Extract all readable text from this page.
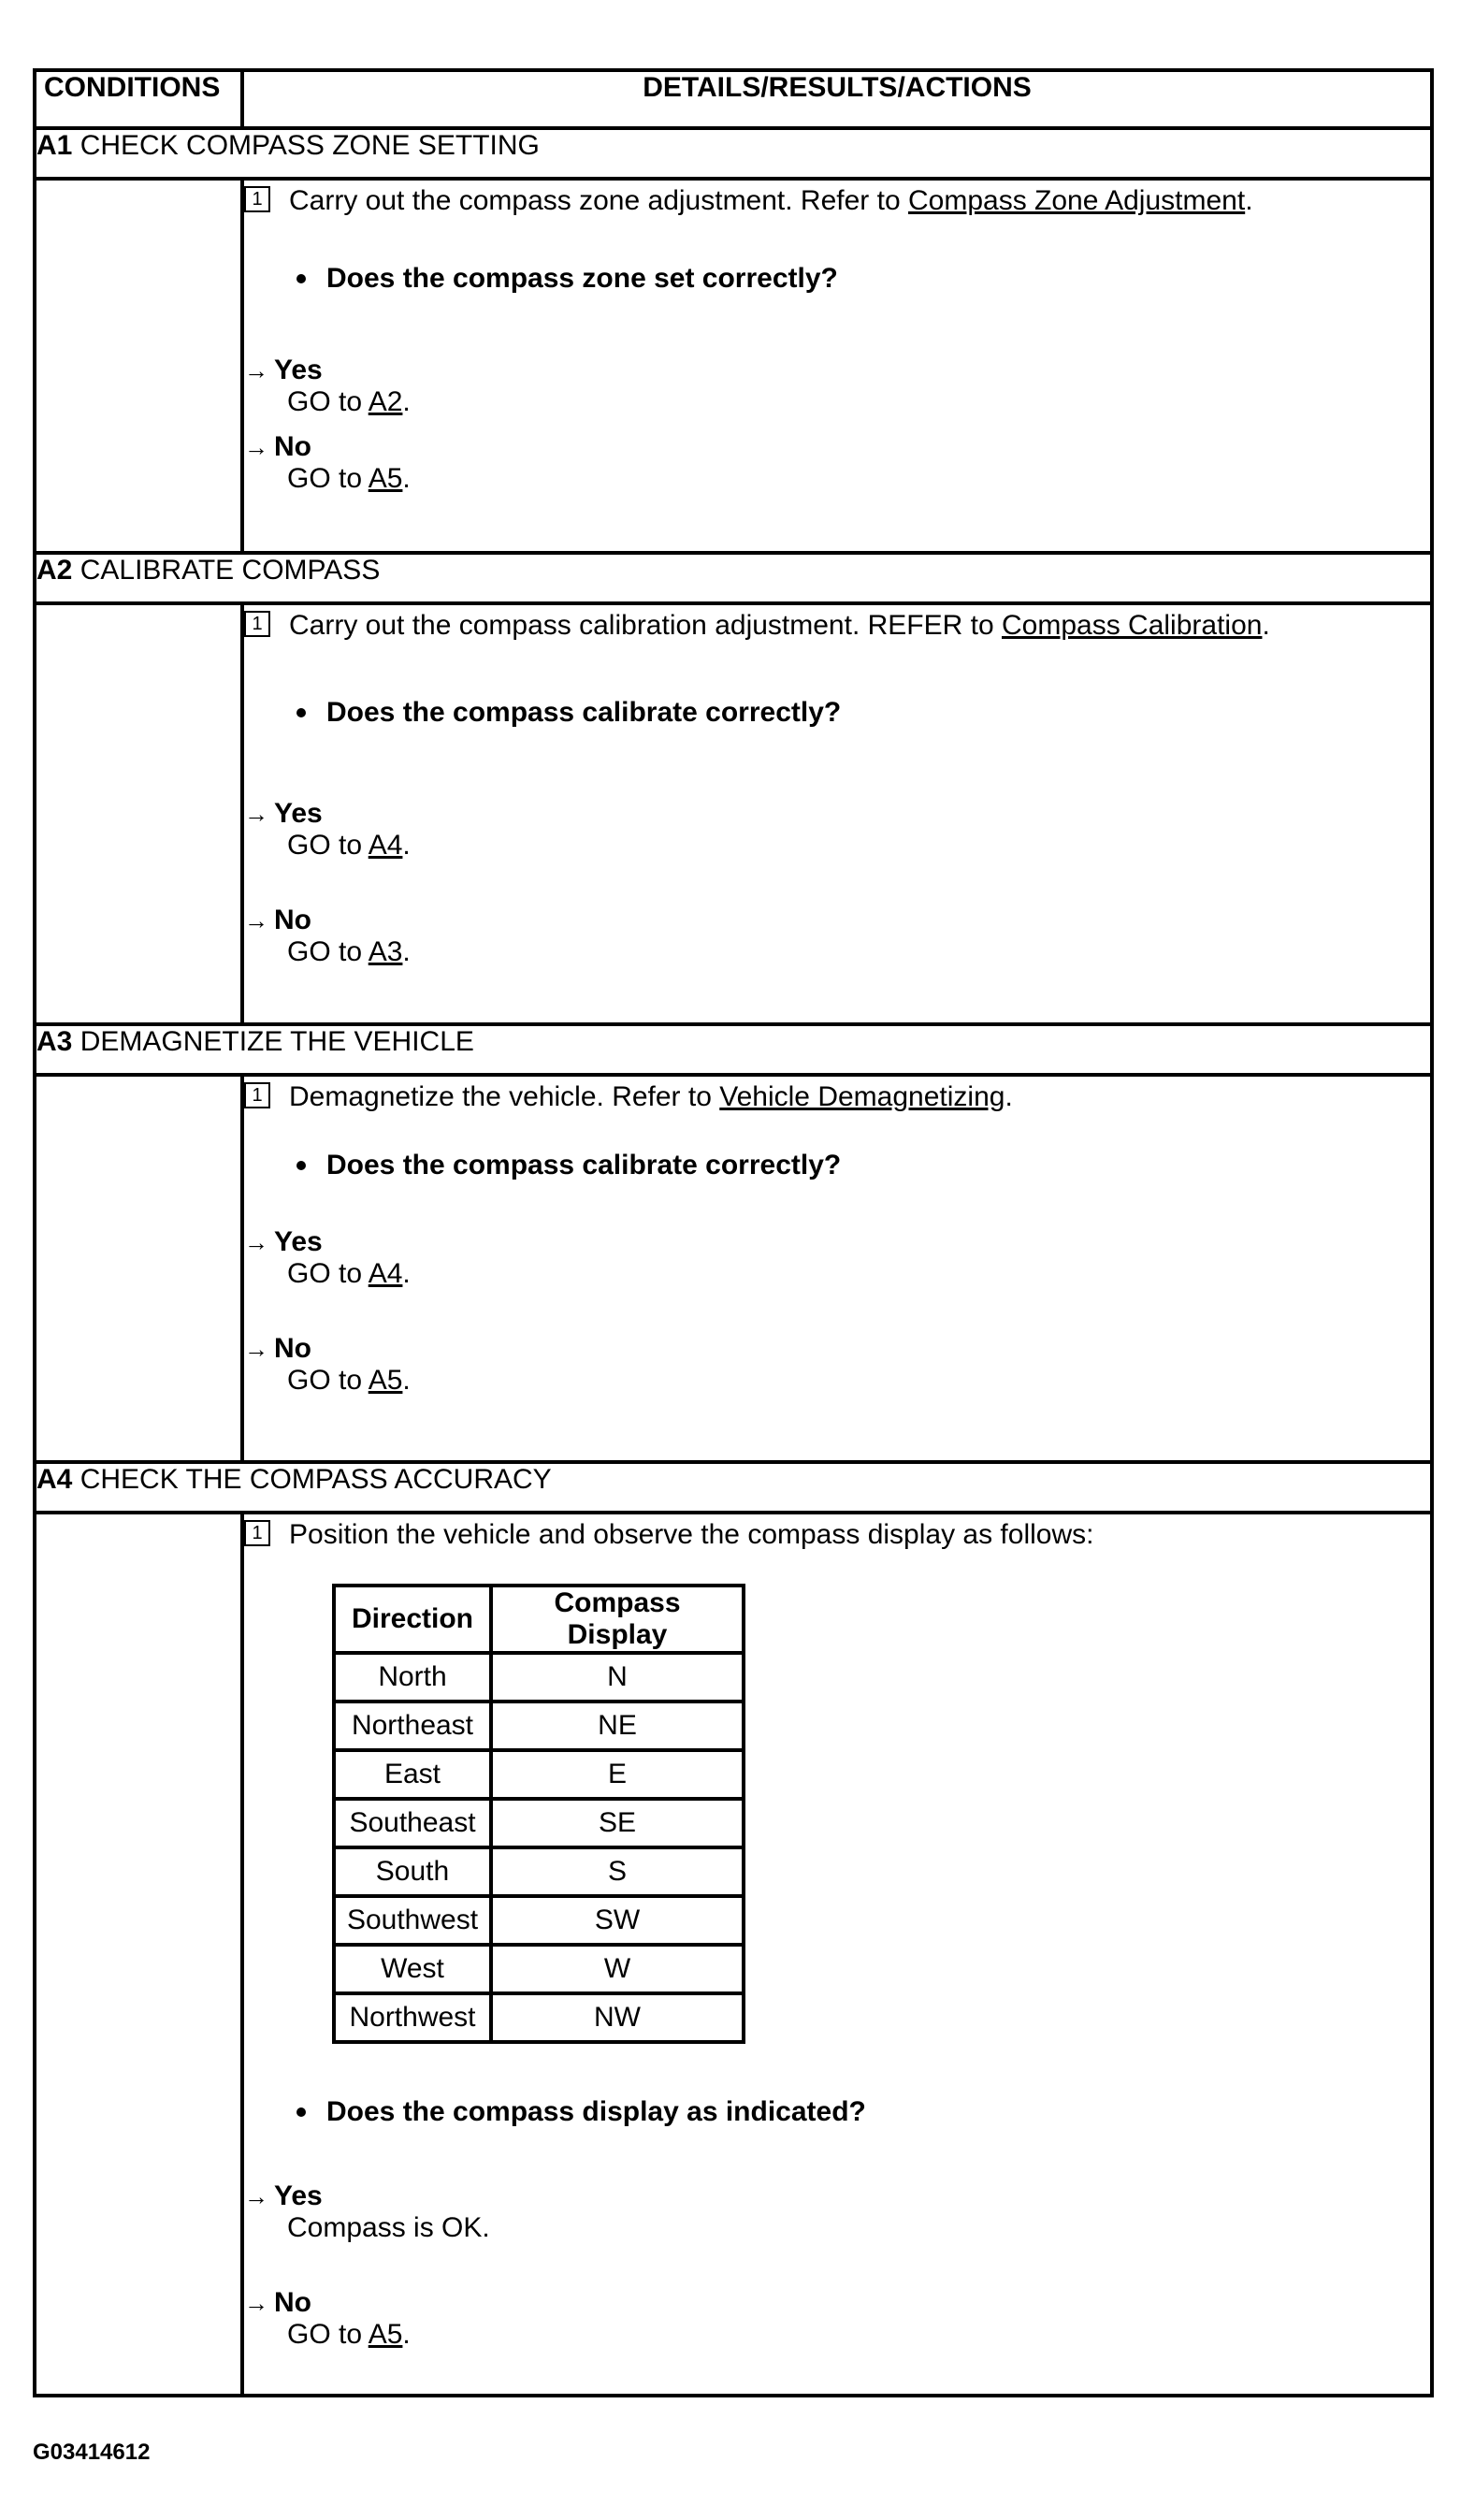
CONDITIONS	DETAILS/RESULTS/ACTIONS
A1 CHECK COMPASS ZONE SETTING

1 Carry out the compass zone adjustment. Refer to Compass Zone Adjustment.
Does the compass zone set correctly?
→ Yes
GO to A2.
→ No
GO to A5.

A2 CALIBRATE COMPASS

1 Carry out the compass calibration adjustment. REFER to Compass Calibration.
Does the compass calibrate correctly?
→ Yes
GO to A4.
→ No
GO to A3.

A3 DEMAGNETIZE THE VEHICLE

1 Demagnetize the vehicle. Refer to Vehicle Demagnetizing.
Does the compass calibrate correctly?
→ Yes
GO to A4.
→ No
GO to A5.

A4 CHECK THE COMPASS ACCURACY

1 Position the vehicle and observe the compass display as follows:
Direction	Compass Display
North	N
Northeast	NE
East	E
Southeast	SE
South	S
Southwest	SW
West	W
Northwest	NW
Does the compass display as indicated?
→ Yes
Compass is OK.
→ No
GO to A5.
G03414612
